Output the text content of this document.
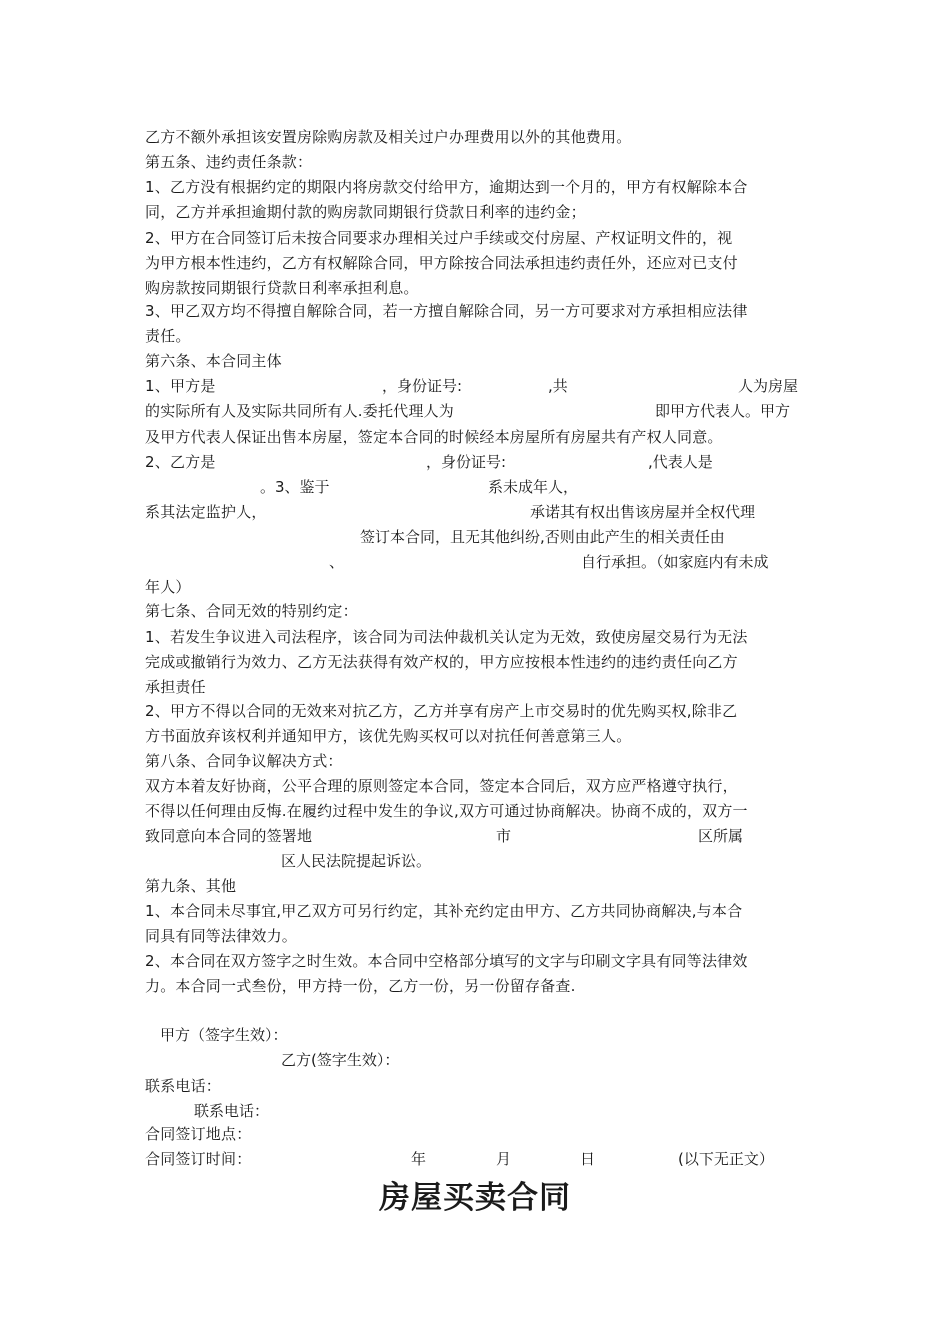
乙方不额外承担该安置房除购房款及相关过户办理费用以外的其他费用。
第五条、违约责任条款：
1、乙方没有根据约定的期限内将房款交付给甲方，逾期达到一个月的，甲方有权解除本合
同，乙方并承担逾期付款的购房款同期银行贷款日利率的违约金；
2、甲方在合同签订后未按合同要求办理相关过户手续或交付房屋、产权证明文件的，视
为甲方根本性违约，乙方有权解除合同，甲方除按合同法承担违约责任外，还应对已支付
购房款按同期银行贷款日利率承担利息。
3、甲乙双方均不得擅自解除合同，若一方擅自解除合同，另一方可要求对方承担相应法律
责任。
第六条、本合同主体
1、甲方是	，身份证号:	,共	人为房屋
的实际所有人及实际共同所有人.委托代理人为	即甲方代表人。甲方
及甲方代表人保证出售本房屋，签定本合同的时候经本房屋所有房屋共有产权人同意。
2、乙方是	，身份证号:	,代表人是
。3、鉴于	系未成年人，
系其法定监护人，	承诺其有权出售该房屋并全权代理
签订本合同，且无其他纠纷,否则由此产生的相关责任由
、	自行承担。（如家庭内有未成
年人）
第七条、合同无效的特别约定：
1、若发生争议进入司法程序，该合同为司法仲裁机关认定为无效，致使房屋交易行为无法
完成或撤销行为效力、乙方无法获得有效产权的，甲方应按根本性违约的违约责任向乙方
承担责任
2、甲方不得以合同的无效来对抗乙方，乙方并享有房产上市交易时的优先购买权,除非乙
方书面放弃该权利并通知甲方，该优先购买权可以对抗任何善意第三人。
第八条、合同争议解决方式：
双方本着友好协商，公平合理的原则签定本合同，签定本合同后，双方应严格遵守执行，
不得以任何理由反悔.在履约过程中发生的争议,双方可通过协商解决。协商不成的，双方一
致同意向本合同的签署地	市	区所属
区人民法院提起诉讼。
第九条、其他
1、本合同未尽事宜,甲乙双方可另行约定，其补充约定由甲方、乙方共同协商解决,与本合
同具有同等法律效力。
2、本合同在双方签字之时生效。本合同中空格部分填写的文字与印刷文字具有同等法律效
力。本合同一式叁份，甲方持一份，乙方一份，另一份留存备查.
甲方（签字生效）：
乙方(签字生效）：
联系电话：
联系电话：
合同签订地点：
合同签订时间：	年	月	日	(以下无正文）
房屋买卖合同
